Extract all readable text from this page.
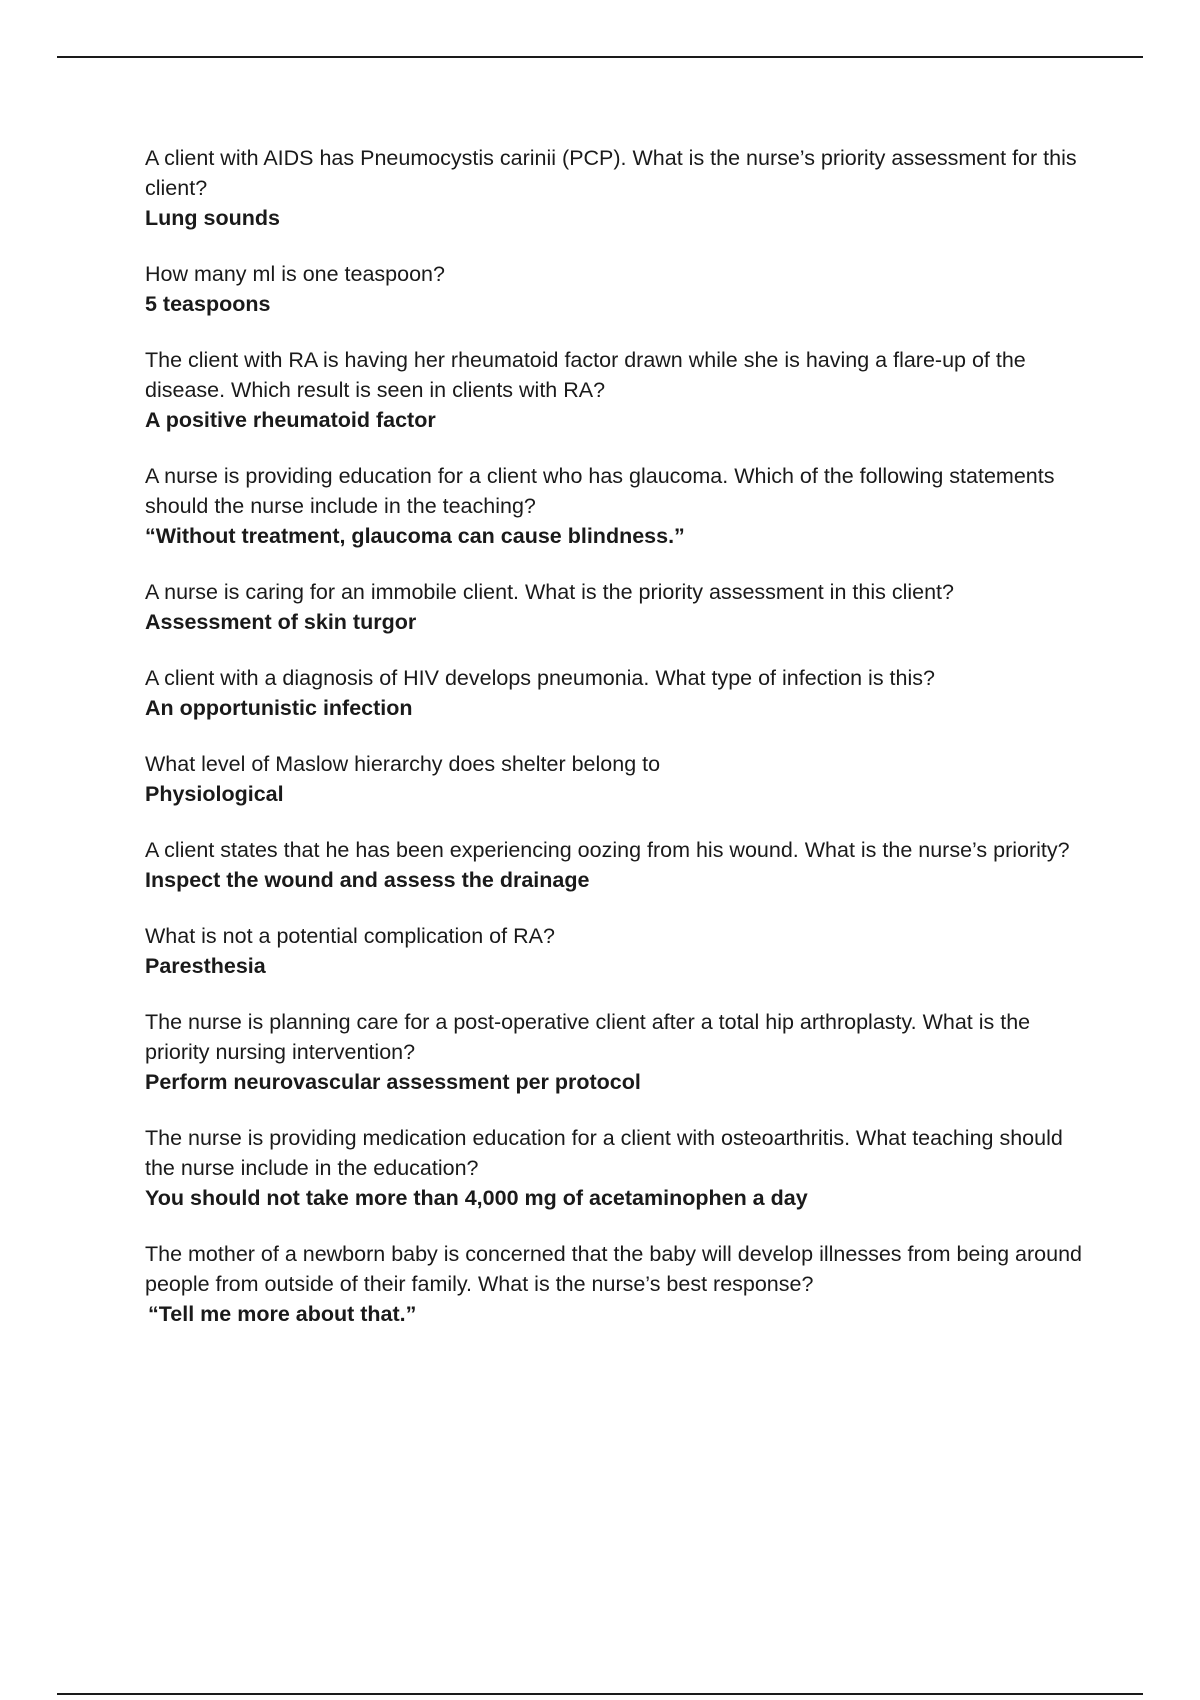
A client with AIDS has Pneumocystis carinii (PCP). What is the nurse’s priority assessment for this client?

Lung sounds

How many ml is one teaspoon?

5 teaspoons

The client with RA is having her rheumatoid factor drawn while she is having a flare-up of the disease. Which result is seen in clients with RA?

A positive rheumatoid factor

A nurse is providing education for a client who has glaucoma. Which of the following statements should the nurse include in the teaching?

“Without treatment, glaucoma can cause blindness.”

A nurse is caring for an immobile client. What is the priority assessment in this client?

Assessment of skin turgor

A client with a diagnosis of HIV develops pneumonia. What type of infection is this?

An opportunistic infection

What level of Maslow hierarchy does shelter belong to

Physiological

A client states that he has been experiencing oozing from his wound. What is the nurse’s priority?

Inspect the wound and assess the drainage

What is not a potential complication of RA?

Paresthesia

The nurse is planning care for a post-operative client after a total hip arthroplasty. What is the priority nursing intervention?

Perform neurovascular assessment per protocol

The nurse is providing medication education for a client with osteoarthritis. What teaching should the nurse include in the education?

You should not take more than 4,000 mg of acetaminophen a day

The mother of a newborn baby is concerned that the baby will develop illnesses from being around people from outside of their family. What is the nurse’s best response?

“Tell me more about that.”
